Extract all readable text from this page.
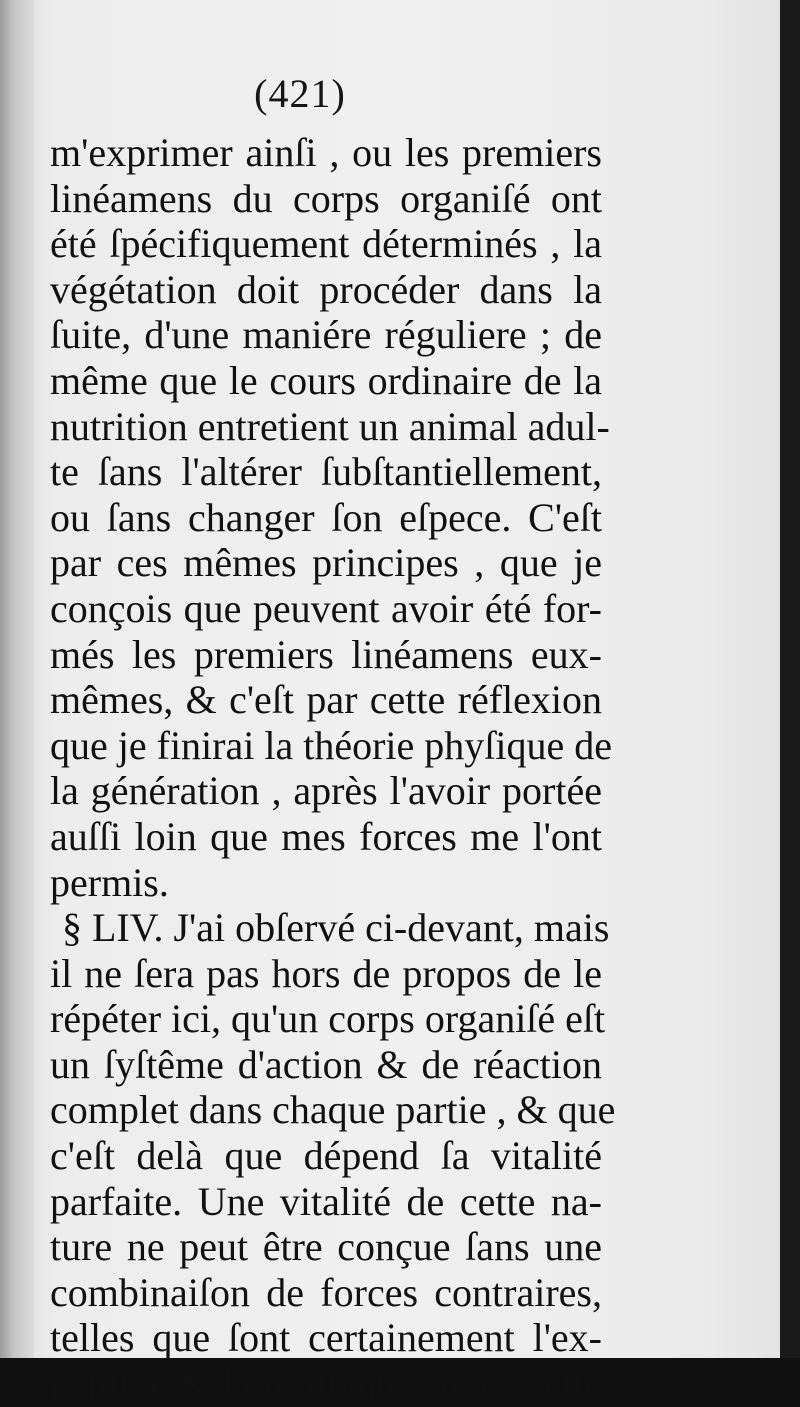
(421)
m'exprimer ainſi , ou les premiers
linéamens du corps organiſé ont
été ſpécifiquement déterminés , la
végétation doit procéder dans la
ſuite, d'une maniére réguliere ; de
même que le cours ordinaire de la
nutrition entretient un animal adul-
te ſans l'altérer ſubſtantiellement,
ou ſans changer ſon eſpece. C'eſt
par ces mêmes principes , que je
conçois que peuvent avoir été for-
més les premiers linéamens eux-
mêmes, & c'eſt par cette réflexion
que je finirai la théorie phyſique de
la génération , après l'avoir portée
auſſi loin que mes forces me l'ont
permis.
§ LIV. J'ai obſervé ci-devant, mais
il ne ſera pas hors de propos de le
répéter ici, qu'un corps organiſé eſt
un ſyſtême d'action & de réaction
complet dans chaque partie , & que
c'eſt delà que dépend ſa vitalité
parfaite. Une vitalité de cette na-
ture ne peut être conçue ſans une
combinaiſon de forces contraires,
telles que ſont certainement l'ex-
panſive & la réſiſtante ; mais cette
